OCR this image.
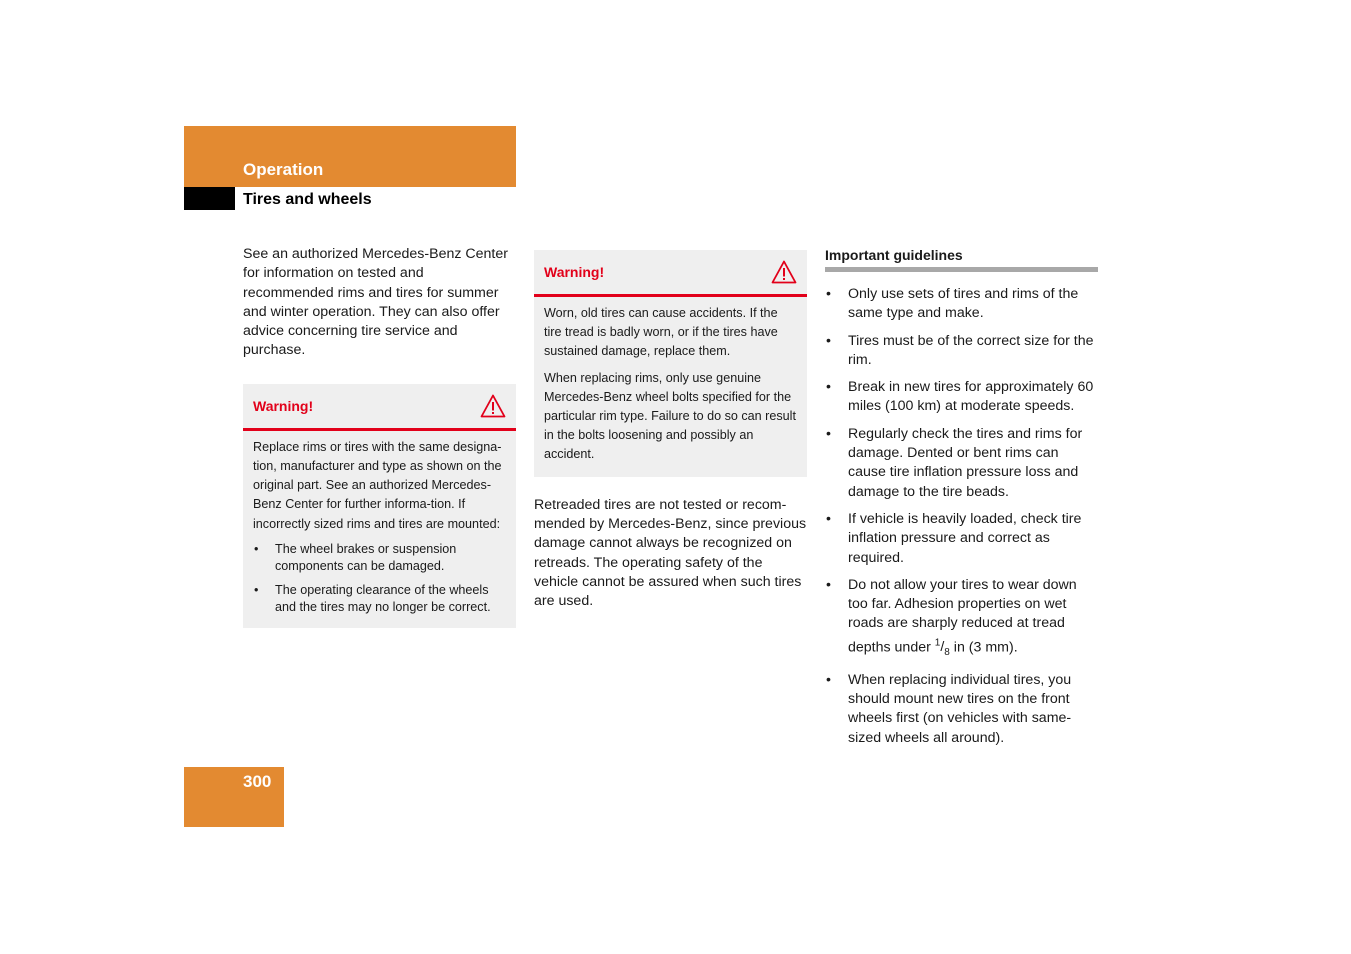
Operation
Tires and wheels

See an authorized Mercedes-Benz Center for information on tested and recommended rims and tires for summer and winter operation. They can also offer advice concerning tire service and purchase.

Warning!

Replace rims or tires with the same designa-tion, manufacturer and type as shown on the original part. See an authorized Mercedes-Benz Center for further informa-tion. If incorrectly sized rims and tires are mounted:

• The wheel brakes or suspension components can be damaged.
• The operating clearance of the wheels and the tires may no longer be correct.
Warning!

Worn, old tires can cause accidents. If the tire tread is badly worn, or if the tires have sustained damage, replace them.

When replacing rims, only use genuine Mercedes-Benz wheel bolts specified for the particular rim type. Failure to do so can result in the bolts loosening and possibly an accident.

Retreaded tires are not tested or recom-mended by Mercedes-Benz, since previous damage cannot always be recognized on retreads. The operating safety of the vehicle cannot be assured when such tires are used.

Important guidelines
• Only use sets of tires and rims of the same type and make.
• Tires must be of the correct size for the rim.
• Break in new tires for approximately 60 miles (100 km) at moderate speeds.
• Regularly check the tires and rims for damage. Dented or bent rims can cause tire inflation pressure loss and damage to the tire beads.
• If vehicle is heavily loaded, check tire inflation pressure and correct as required.
• Do not allow your tires to wear down too far. Adhesion properties on wet roads are sharply reduced at tread depths under $^1/_8$ in (3 mm).
• When replacing individual tires, you should mount new tires on the front wheels first (on vehicles with same-sized wheels all around).
300
